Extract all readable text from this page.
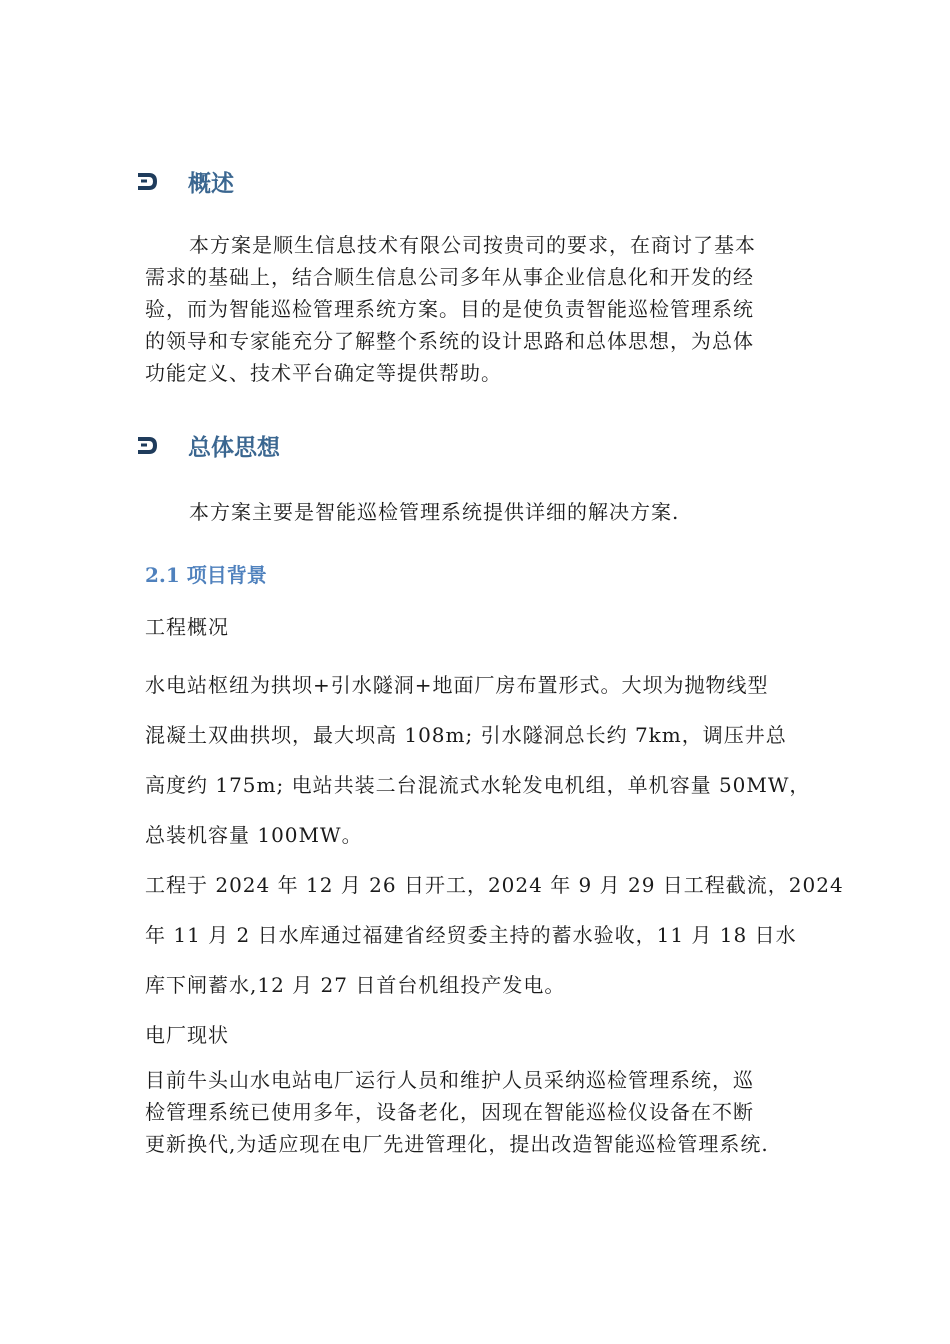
概述
本方案是顺生信息技术有限公司按贵司的要求，在商讨了基本
需求的基础上，结合顺生信息公司多年从事企业信息化和开发的经
验，而为智能巡检管理系统方案。目的是使负责智能巡检管理系统
的领导和专家能充分了解整个系统的设计思路和总体思想，为总体
功能定义、技术平台确定等提供帮助。
总体思想
本方案主要是智能巡检管理系统提供详细的解决方案.
2.1 项目背景
工程概况
水电站枢纽为拱坝+引水隧洞+地面厂房布置形式。大坝为抛物线型
混凝土双曲拱坝，最大坝高 108m; 引水隧洞总长约 7km，调压井总
高度约 175m; 电站共装二台混流式水轮发电机组，单机容量 50MW，
总装机容量 100MW。
工程于 2024 年 12 月 26 日开工，2024 年 9 月 29 日工程截流，2024
年 11 月 2 日水库通过福建省经贸委主持的蓄水验收，11 月 18 日水
库下闸蓄水,12 月 27 日首台机组投产发电。
电厂现状
目前牛头山水电站电厂运行人员和维护人员采纳巡检管理系统，巡
检管理系统已使用多年，设备老化，因现在智能巡检仪设备在不断
更新换代,为适应现在电厂先进管理化，提出改造智能巡检管理系统.
